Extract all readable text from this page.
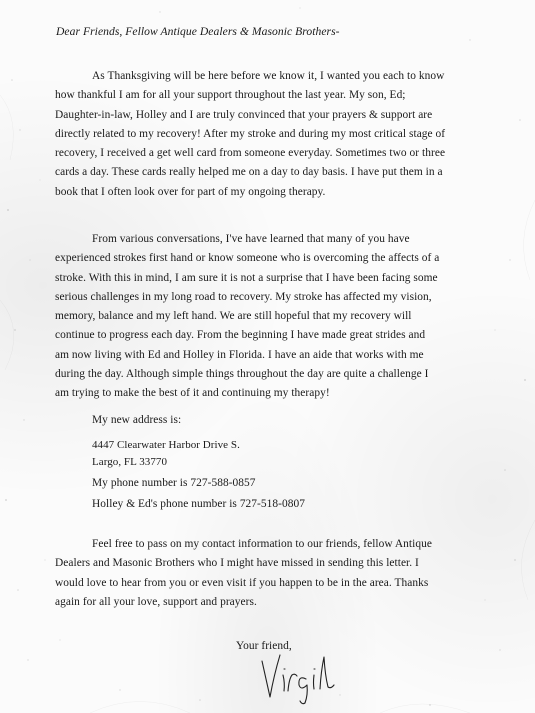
Dear Friends, Fellow Antique Dealers & Masonic Brothers-
As Thanksgiving will be here before we know it, I wanted you each to know
how thankful I am for all your support throughout the last year. My son, Ed;
Daughter-in-law, Holley and I are truly convinced that your prayers & support are
directly related to my recovery! After my stroke and during my most critical stage of
recovery, I received a get well card from someone everyday. Sometimes two or three
cards a day. These cards really helped me on a day to day basis. I have put them in a
book that I often look over for part of my ongoing therapy.
From various conversations, I've have learned that many of you have
experienced strokes first hand or know someone who is overcoming the affects of a
stroke. With this in mind, I am sure it is not a surprise that I have been facing some
serious challenges in my long road to recovery. My stroke has affected my vision,
memory, balance and my left hand. We are still hopeful that my recovery will
continue to progress each day. From the beginning I have made great strides and
am now living with Ed and Holley in Florida. I have an aide that works with me
during the day. Although simple things throughout the day are quite a challenge I
am trying to make the best of it and continuing my therapy!
My new address is:
4447 Clearwater Harbor Drive S.
Largo, FL 33770
My phone number is 727-588-0857
Holley & Ed's phone number is 727-518-0807
Feel free to pass on my contact information to our friends, fellow Antique
Dealers and Masonic Brothers who I might have missed in sending this letter. I
would love to hear from you or even visit if you happen to be in the area. Thanks
again for all your love, support and prayers.
Your friend,
